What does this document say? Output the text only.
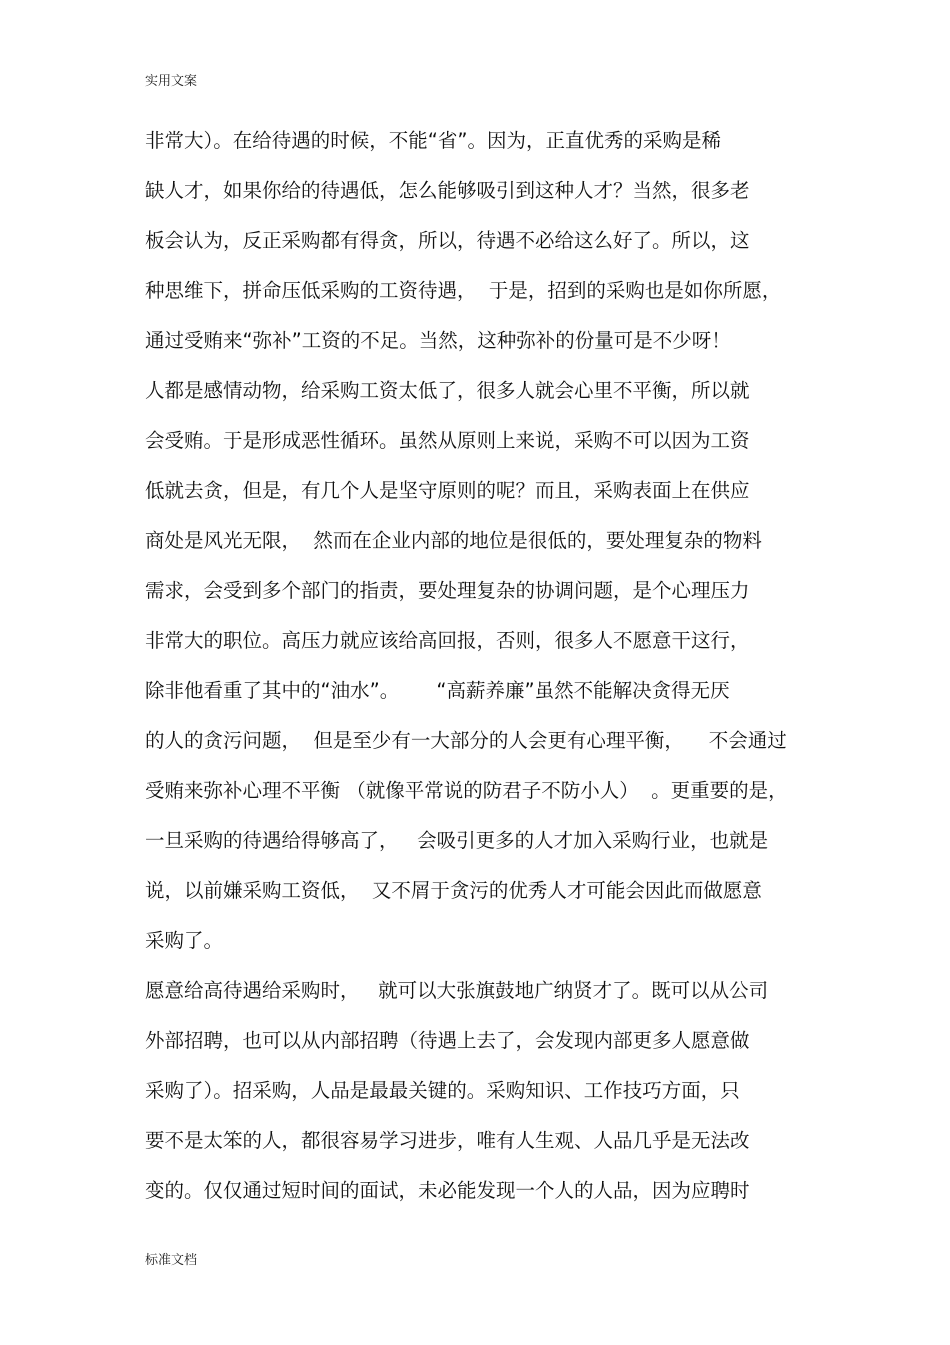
实用文案
非常大）。在给待遇的时候，不能“省”。因为，正直优秀的采购是稀
缺人才，如果你给的待遇低，怎么能够吸引到这种人才？当然，很多老
板会认为，反正采购都有得贪，所以，待遇不必给这么好了。所以，这
种思维下，拼命压低采购的工资待遇，  于是，招到的采购也是如你所愿，
通过受贿来“弥补”工资的不足。当然，这种弥补的份量可是不少呀！
人都是感情动物，给采购工资太低了，很多人就会心里不平衡，所以就
会受贿。于是形成恶性循环。虽然从原则上来说，采购不可以因为工资
低就去贪，但是，有几个人是坚守原则的呢？而且，采购表面上在供应
商处是风光无限，  然而在企业内部的地位是很低的，要处理复杂的物料
需求，会受到多个部门的指责，要处理复杂的协调问题，是个心理压力
非常大的职位。高压力就应该给高回报，否则，很多人不愿意干这行，
除非他看重了其中的“油水”。      “高薪养廉”虽然不能解决贪得无厌
的人的贪污问题，  但是至少有一大部分的人会更有心理平衡，    不会通过
受贿来弥补心理不平衡 （就像平常说的防君子不防小人）  。更重要的是，
一旦采购的待遇给得够高了，   会吸引更多的人才加入采购行业，也就是
说，以前嫌采购工资低，  又不屑于贪污的优秀人才可能会因此而做愿意
采购了。
愿意给高待遇给采购时，   就可以大张旗鼓地广纳贤才了。既可以从公司
外部招聘，也可以从内部招聘（待遇上去了，会发现内部更多人愿意做
采购了）。招采购，人品是最最关键的。采购知识、工作技巧方面，只
要不是太笨的人，都很容易学习进步，唯有人生观、人品几乎是无法改
变的。仅仅通过短时间的面试，未必能发现一个人的人品，因为应聘时
标准文档
